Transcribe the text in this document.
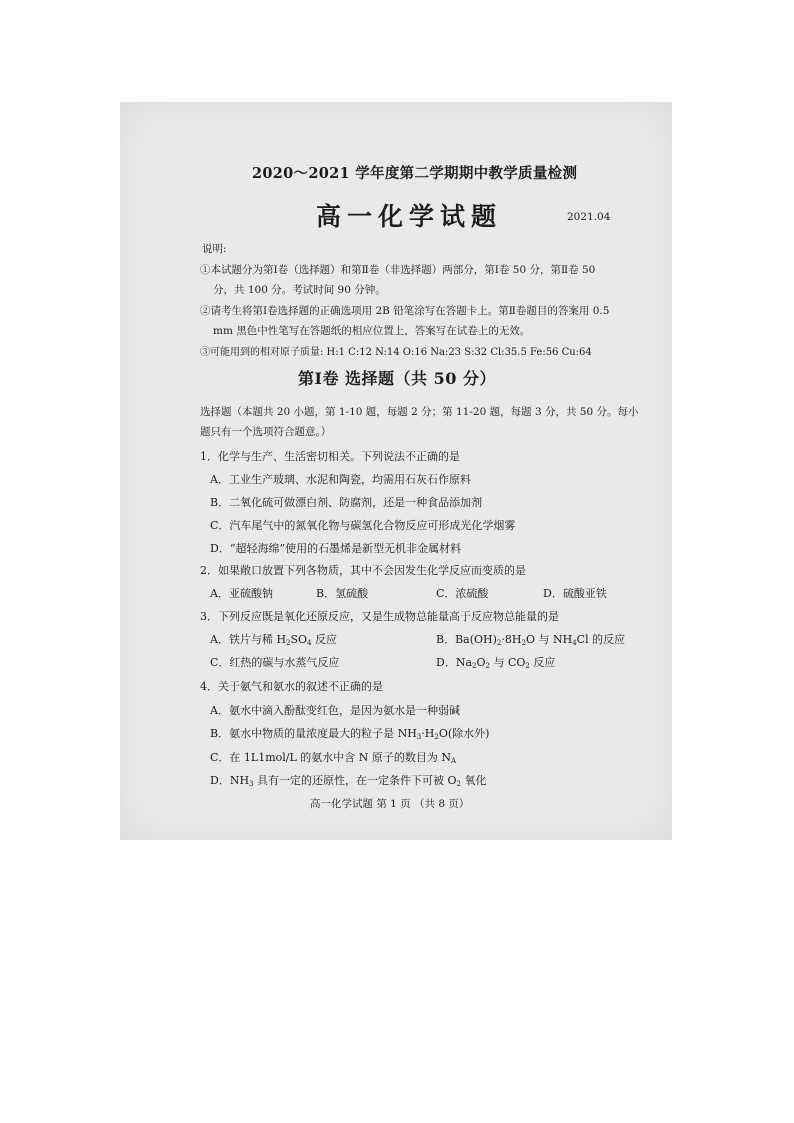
2020～2021 学年度第二学期期中教学质量检测
高一化学试题	2021.04
说明:
①本试题分为第Ⅰ卷（选择题）和第Ⅱ卷（非选择题）两部分，第Ⅰ卷 50 分，第Ⅱ卷 50
分，共 100 分。考试时间 90 分钟。
②请考生将第Ⅰ卷选择题的正确选项用 2B 铅笔涂写在答题卡上。第Ⅱ卷题目的答案用 0.5
mm 黑色中性笔写在答题纸的相应位置上，答案写在试卷上的无效。
③可能用到的相对原子质量: H:1 C:12 N:14 O:16 Na:23 S:32 Cl:35.5 Fe:56 Cu:64
第Ⅰ卷 选择题（共 50 分）
选择题（本题共 20 小题，第 1-10 题，每题 2 分；第 11-20 题，每题 3 分，共 50 分。每小
题只有一个选项符合题意。）
1．化学与生产、生活密切相关。下列说法不正确的是
A．工业生产玻璃、水泥和陶瓷，均需用石灰石作原料
B．二氧化硫可做漂白剂、防腐剂，还是一种食品添加剂
C．汽车尾气中的氮氧化物与碳氢化合物反应可形成光化学烟雾
D．“超轻海绵”使用的石墨烯是新型无机非金属材料
2．如果敞口放置下列各物质，其中不会因发生化学反应而变质的是
A．亚硫酸钠	B．氢硫酸	C．浓硫酸	D．硫酸亚铁
3．下列反应既是氧化还原反应，又是生成物总能量高于反应物总能量的是
A．铁片与稀 $H_2SO_4$ 反应	B．$Ba(OH)_2\cdot 8H_2O$ 与 $NH_4Cl$ 的反应
C．红热的碳与水蒸气反应	D．$Na_2O_2$ 与 $CO_2$ 反应
4．关于氨气和氨水的叙述不正确的是
A．氨水中滴入酚酞变红色，是因为氨水是一种弱碱
B．氨水中物质的量浓度最大的粒子是 $NH_3\cdot H_2O$(除水外)
C．在 1L1mol/L 的氨水中含 N 原子的数目为 $N_A$
D．$NH_3$ 具有一定的还原性，在一定条件下可被 $O_2$ 氧化
高一化学试题 第 1 页 （共 8 页）
